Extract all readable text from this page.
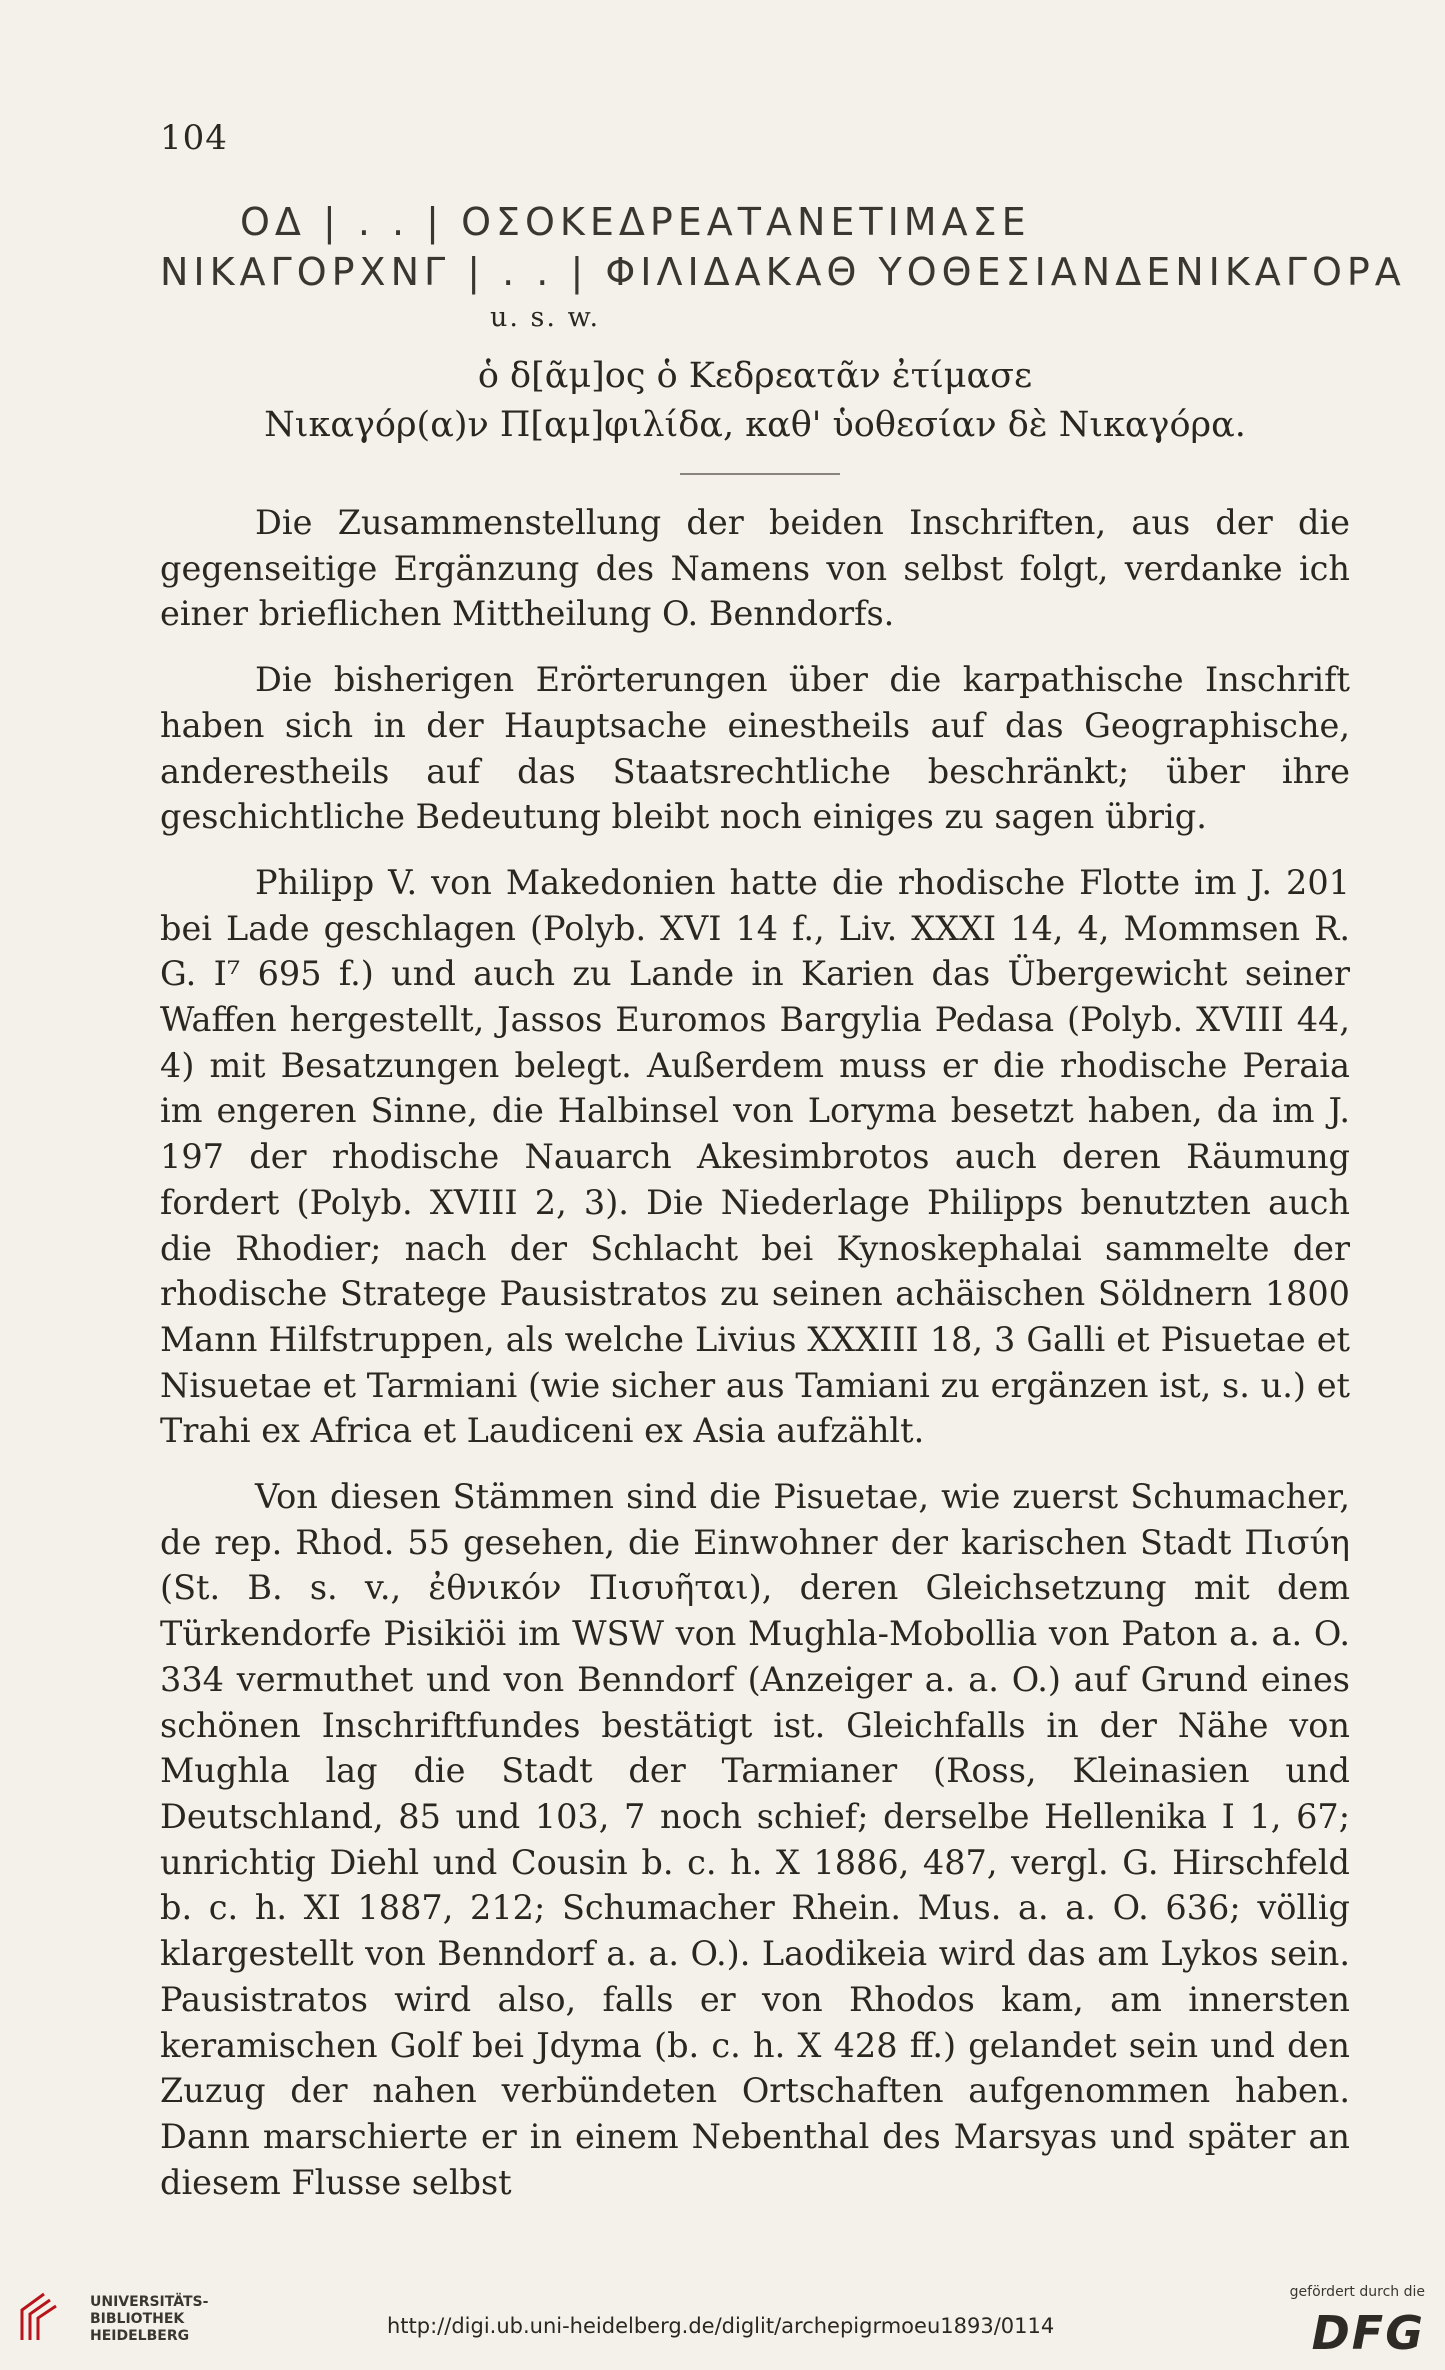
104
ΟΔ | . . | ΟΣΟΚΕΔΡΕΑΤΑΝΕΤΙΜΑΣΕ
ΝΙΚΑΓΟΡΧΝΓ | . . | ΦΙΛΙΔΑΚΑΘ ΥΟΘΕΣΙΑΝΔΕΝΙΚΑΓΟΡΑ
u. s. w.
ὁ δ[ᾶμ]ος ὁ Κεδρεατᾶν ἐτίμασε
Νικαγόρ(α)ν Π[αμ]φιλίδα, καθ' ὑοθεσίαν δὲ Νικαγόρα.

Die Zusammenstellung der beiden Inschriften, aus der die gegenseitige Ergänzung des Namens von selbst folgt, verdanke ich einer brieflichen Mittheilung O. Benndorfs.

Die bisherigen Erörterungen über die karpathische Inschrift haben sich in der Hauptsache einestheils auf das Geographische, anderestheils auf das Staatsrechtliche beschränkt; über ihre geschichtliche Bedeutung bleibt noch einiges zu sagen übrig.

Philipp V. von Makedonien hatte die rhodische Flotte im J. 201 bei Lade geschlagen (Polyb. XVI 14 f., Liv. XXXI 14, 4, Mommsen R. G. I⁷ 695 f.) und auch zu Lande in Karien das Übergewicht seiner Waffen hergestellt, Jassos Euromos Bargylia Pedasa (Polyb. XVIII 44, 4) mit Besatzungen belegt. Außerdem muss er die rhodische Peraia im engeren Sinne, die Halbinsel von Loryma besetzt haben, da im J. 197 der rhodische Nauarch Akesimbrotos auch deren Räumung fordert (Polyb. XVIII 2, 3). Die Niederlage Philipps benutzten auch die Rhodier; nach der Schlacht bei Kynoskephalai sammelte der rhodische Stratege Pausistratos zu seinen achäischen Söldnern 1800 Mann Hilfstruppen, als welche Livius XXXIII 18, 3 Galli et Pisuetae et Nisuetae et Tarmiani (wie sicher aus Tamiani zu ergänzen ist, s. u.) et Trahi ex Africa et Laudiceni ex Asia aufzählt.

Von diesen Stämmen sind die Pisuetae, wie zuerst Schumacher, de rep. Rhod. 55 gesehen, die Einwohner der karischen Stadt Πισύη (St. B. s. v., ἐθνικόν Πισυῆται), deren Gleichsetzung mit dem Türkendorfe Pisikiöi im WSW von Mughla-Mobollia von Paton a. a. O. 334 vermuthet und von Benndorf (Anzeiger a. a. O.) auf Grund eines schönen Inschriftfundes bestätigt ist. Gleichfalls in der Nähe von Mughla lag die Stadt der Tarmianer (Ross, Kleinasien und Deutschland, 85 und 103, 7 noch schief; derselbe Hellenika I 1, 67; unrichtig Diehl und Cousin b. c. h. X 1886, 487, vergl. G. Hirschfeld b. c. h. XI 1887, 212; Schumacher Rhein. Mus. a. a. O. 636; völlig klargestellt von Benndorf a. a. O.). Laodikeia wird das am Lykos sein. Pausistratos wird also, falls er von Rhodos kam, am innersten keramischen Golf bei Jdyma (b. c. h. X 428 ff.) gelandet sein und den Zuzug der nahen verbündeten Ortschaften aufgenommen haben. Dann marschierte er in einem Nebenthal des Marsyas und später an diesem Flusse selbst

UNIVERSITÄTS-
BIBLIOTHEK
HEIDELBERG	http://digi.ub.uni-heidelberg.de/diglit/archepigrmoeu1893/0114
gefördert durch die
DFG
